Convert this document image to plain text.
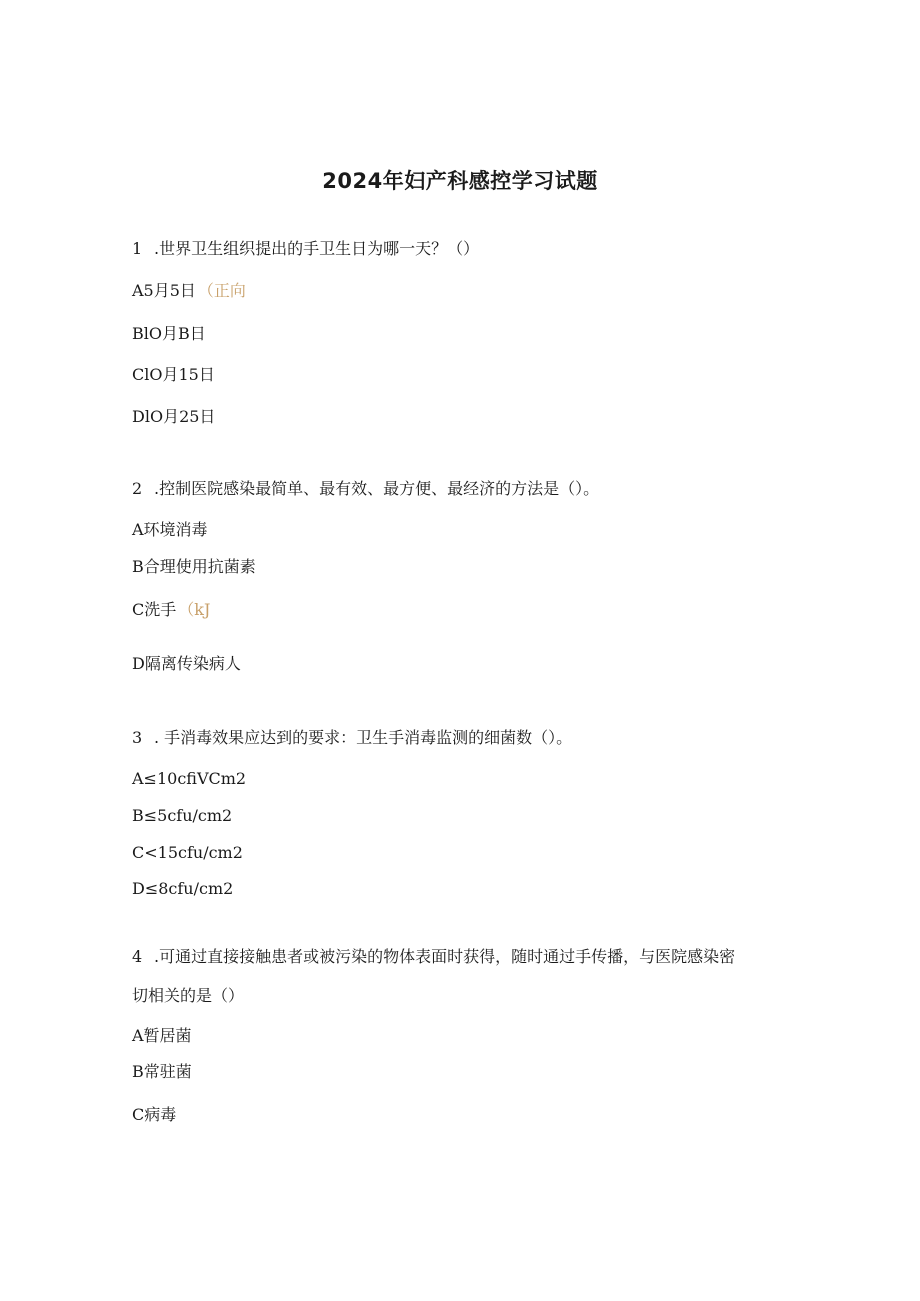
2024年妇产科感控学习试题
1 .世界卫生组织提出的手卫生日为哪一天？（）
A5月5日 （正向
BlO月B日
ClO月15日
DlO月25日
2 .控制医院感染最简单、最有效、最方便、最经济的方法是（）。
A环境消毒
B合理使用抗菌素
C洗手 （kJ
D隔离传染病人
3 . 手消毒效果应达到的要求：卫生手消毒监测的细菌数（）。
A≤10cfiVCm2
B≤5cfu/cm2
C<15cfu/cm2
D≤8cfu/cm2
4 .可通过直接接触患者或被污染的物体表面时获得，随时通过手传播，与医院感染密
切相关的是（）
A暂居菌
B常驻菌
C病毒
